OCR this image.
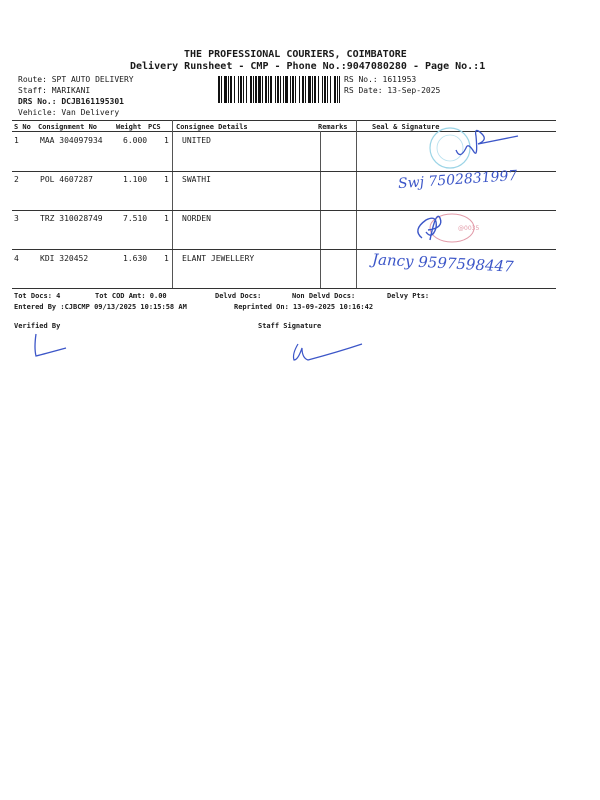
THE PROFESSIONAL COURIERS, COIMBATORE
Delivery Runsheet - CMP - Phone No.:9047080280 - Page No.:1
Route: SPT AUTO DELIVERY
Staff: MARIKANI
DRS No.: DCJB161195301
Vehicle: Van Delivery
RS No.: 1611953
RS Date: 13-Sep-2025
S No Consignment No	Weight PCS Consignee Details	Remarks	Seal & Signature
1	MAA 304097934	6.000 1 UNITED
2	POL 4607287	1.100 1 SWATHI
3	TRZ 310028749	7.510 1 NORDEN
4	KDI 320452	1.630 1 ELANT JEWELLERY
@0035
Swj 7502831997
Jancy 9597598447
Tot Docs: 4	Tot COD Amt: 0.00	Delvd Docs:	Non Delvd Docs:	Delvy Pts:
Entered By :CJBCMP 09/13/2025 10:15:58 AM	Reprinted On: 13-09-2025 10:16:42
Verified By	Staff Signature
